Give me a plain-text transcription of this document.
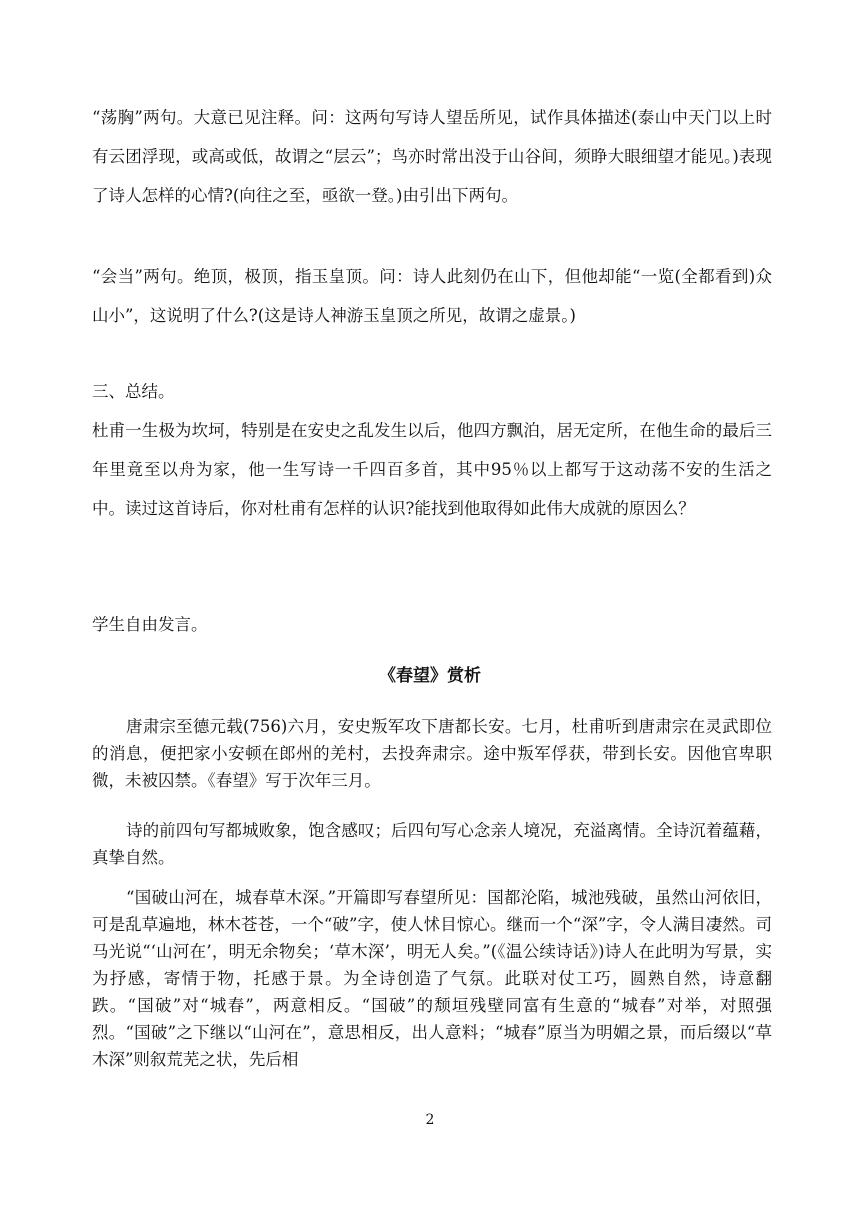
“荡胸”两句。大意已见注释。问：这两句写诗人望岳所见，试作具体描述(泰山中天门以上时有云团浮现，或高或低，故谓之“层云”；鸟亦时常出没于山谷间，须睁大眼细望才能见。)表现了诗人怎样的心情?(向往之至，亟欲一登。)由引出下两句。

“会当”两句。绝顶，极顶，指玉皇顶。问：诗人此刻仍在山下，但他却能“一览(全都看到)众山小”，这说明了什么?(这是诗人神游玉皇顶之所见，故谓之虚景。)

三、总结。

杜甫一生极为坎坷，特别是在安史之乱发生以后，他四方飘泊，居无定所，在他生命的最后三年里竟至以舟为家，他一生写诗一千四百多首，其中95％以上都写于这动荡不安的生活之中。读过这首诗后，你对杜甫有怎样的认识?能找到他取得如此伟大成就的原因么？

学生自由发言。

《春望》赏析

唐肃宗至德元载(756)六月，安史叛军攻下唐都长安。七月，杜甫听到唐肃宗在灵武即位的消息，便把家小安顿在郎州的羌村，去投奔肃宗。途中叛军俘获，带到长安。因他官卑职微，未被囚禁。《春望》写于次年三月。

诗的前四句写都城败象，饱含感叹；后四句写心念亲人境况，充溢离情。全诗沉着蕴藉，真挚自然。

“国破山河在，城春草木深。”开篇即写春望所见：国都沦陷，城池残破，虽然山河依旧，可是乱草遍地，林木苍苍，一个“破”字，使人怵目惊心。继而一个“深”字，令人满目凄然。司马光说“‘山河在’，明无余物矣；‘草木深’，明无人矣。”(《温公续诗话》)诗人在此明为写景，实为抒感，寄情于物，托感于景。为全诗创造了气氛。此联对仗工巧，圆熟自然，诗意翻跌。“国破”对“城春”，两意相反。“国破”的颓垣残壁同富有生意的“城春”对举，对照强烈。“国破”之下继以“山河在”，意思相反，出人意料；“城春”原当为明媚之景，而后缀以“草木深”则叙荒芜之状，先后相

2
